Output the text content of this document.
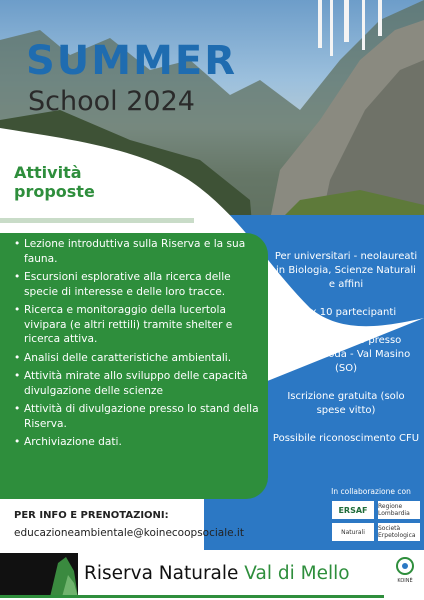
SUMMER
School 2024
Attività
proposte
• Lezione introduttiva sulla Riserva e la sua fauna.
• Escursioni esplorative alla ricerca delle specie di interesse e delle loro tracce.
• Ricerca e monitoraggio della lucertola vivipara (e altri rettili) tramite shelter e ricerca attiva.
• Analisi delle caratteristiche ambientali.
• Attività mirate allo sviluppo delle capacità divulgazione delle scienze
• Attività di divulgazione presso lo stand della Riserva.
• Archiviazione dati.

Per universitari - neolaureati in Biologia, Scienze Naturali e affini

Max 10 partecipanti

Pernottamento presso Casera Pioda - Val Masino (SO)

Iscrizione gratuita (solo spese vitto)

Possibile riconoscimento CFU

In collaborazione con
ERSAF	Regione Lombardia
Naturali	Società Erpetologica
PER INFO E PRENOTAZIONI:
educazioneambientale@koinecoopsociale.it
Riserva Naturale Val di Mello	KOINÈ
